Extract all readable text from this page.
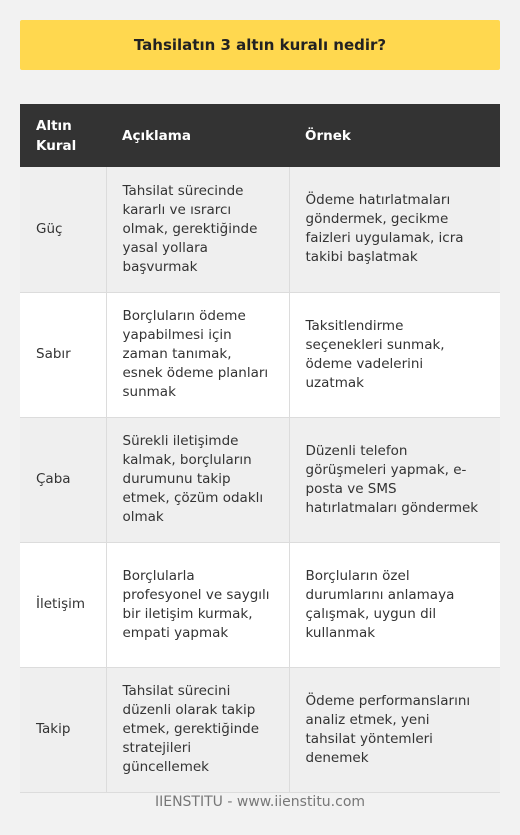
Tahsilatın 3 altın kuralı nedir?
Altın Kural	Açıklama	Örnek
Güç	Tahsilat sürecinde kararlı ve ısrarcı olmak, gerektiğinde yasal yollara başvurmak	Ödeme hatırlatmaları göndermek, gecikme faizleri uygulamak, icra takibi başlatmak
Sabır	Borçluların ödeme yapabilmesi için zaman tanımak, esnek ödeme planları sunmak	Taksitlendirme seçenekleri sunmak, ödeme vadelerini uzatmak
Çaba	Sürekli iletişimde kalmak, borçluların durumunu takip etmek, çözüm odaklı olmak	Düzenli telefon görüşmeleri yapmak, e-posta ve SMS hatırlatmaları göndermek
İletişim	Borçlularla profesyonel ve saygılı bir iletişim kurmak, empati yapmak	Borçluların özel durumlarını anlamaya çalışmak, uygun dil kullanmak
Takip	Tahsilat sürecini düzenli olarak takip etmek, gerektiğinde stratejileri güncellemek	Ödeme performanslarını analiz etmek, yeni tahsilat yöntemleri denemek
IIENSTITU - www.iienstitu.com
